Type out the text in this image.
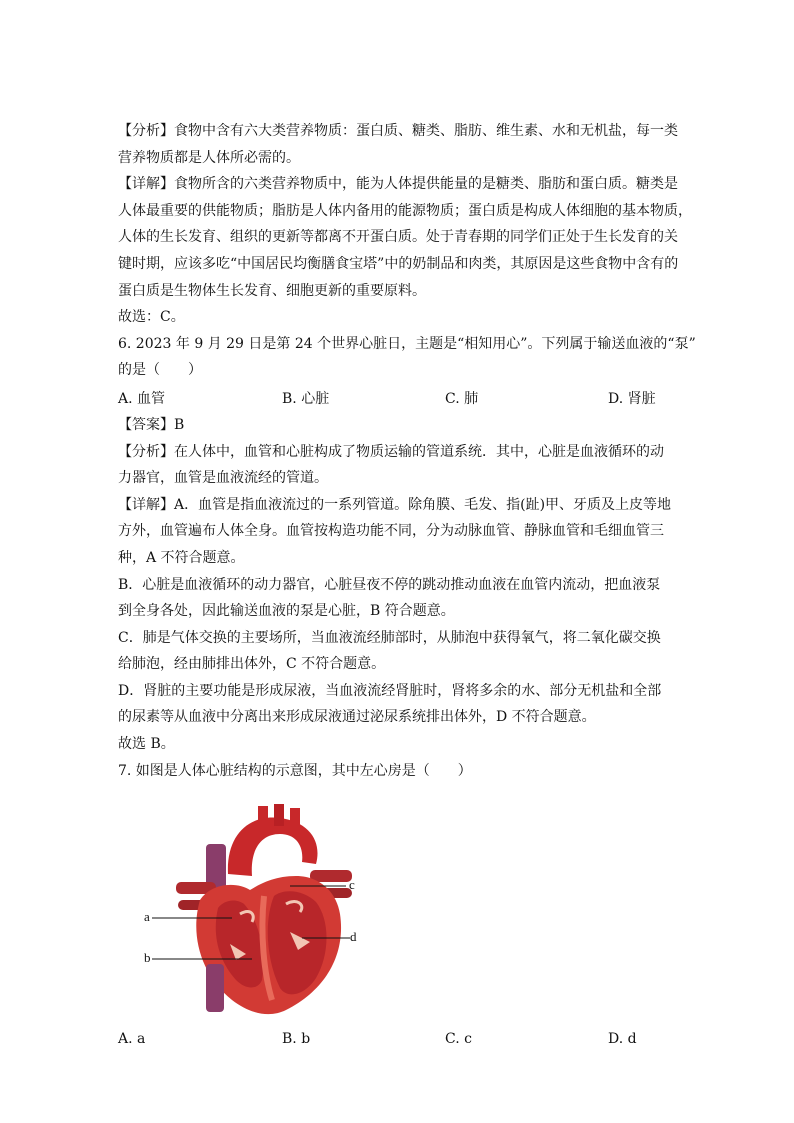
【分析】食物中含有六大类营养物质：蛋白质、糖类、脂肪、维生素、水和无机盐，每一类

营养物质都是人体所必需的。

【详解】食物所含的六类营养物质中，能为人体提供能量的是糖类、脂肪和蛋白质。糖类是

人体最重要的供能物质；脂肪是人体内备用的能源物质；蛋白质是构成人体细胞的基本物质，

人体的生长发育、组织的更新等都离不开蛋白质。处于青春期的同学们正处于生长发育的关

键时期，应该多吃“中国居民均衡膳食宝塔”中的奶制品和肉类，其原因是这些食物中含有的

蛋白质是生物体生长发育、细胞更新的重要原料。

故选：C。

6. 2023 年 9 月 29 日是第 24 个世界心脏日，主题是“相知用心”。下列属于输送血液的“泵”

的是（　　）

A. 血管	B. 心脏	C. 肺	D. 肾脏

【答案】B

【分析】在人体中，血管和心脏构成了物质运输的管道系统．其中，心脏是血液循环的动

力器官，血管是血液流经的管道。

【详解】A．血管是指血液流过的一系列管道。除角膜、毛发、指(趾)甲、牙质及上皮等地

方外，血管遍布人体全身。血管按构造功能不同，分为动脉血管、静脉血管和毛细血管三

种，A 不符合题意。

B．心脏是血液循环的动力器官，心脏昼夜不停的跳动推动血液在血管内流动，把血液泵

到全身各处，因此输送血液的泵是心脏，B 符合题意。

C．肺是气体交换的主要场所，当血液流经肺部时，从肺泡中获得氧气，将二氧化碳交换

给肺泡，经由肺排出体外，C 不符合题意。

D．肾脏的主要功能是形成尿液，当血液流经肾脏时，肾将多余的水、部分无机盐和全部

的尿素等从血液中分离出来形成尿液通过泌尿系统排出体外，D 不符合题意。

故选 B。

7. 如图是人体心脏结构的示意图，其中左心房是（　　）

a
b
c
d
A. a	B. b	C. c	D. d
